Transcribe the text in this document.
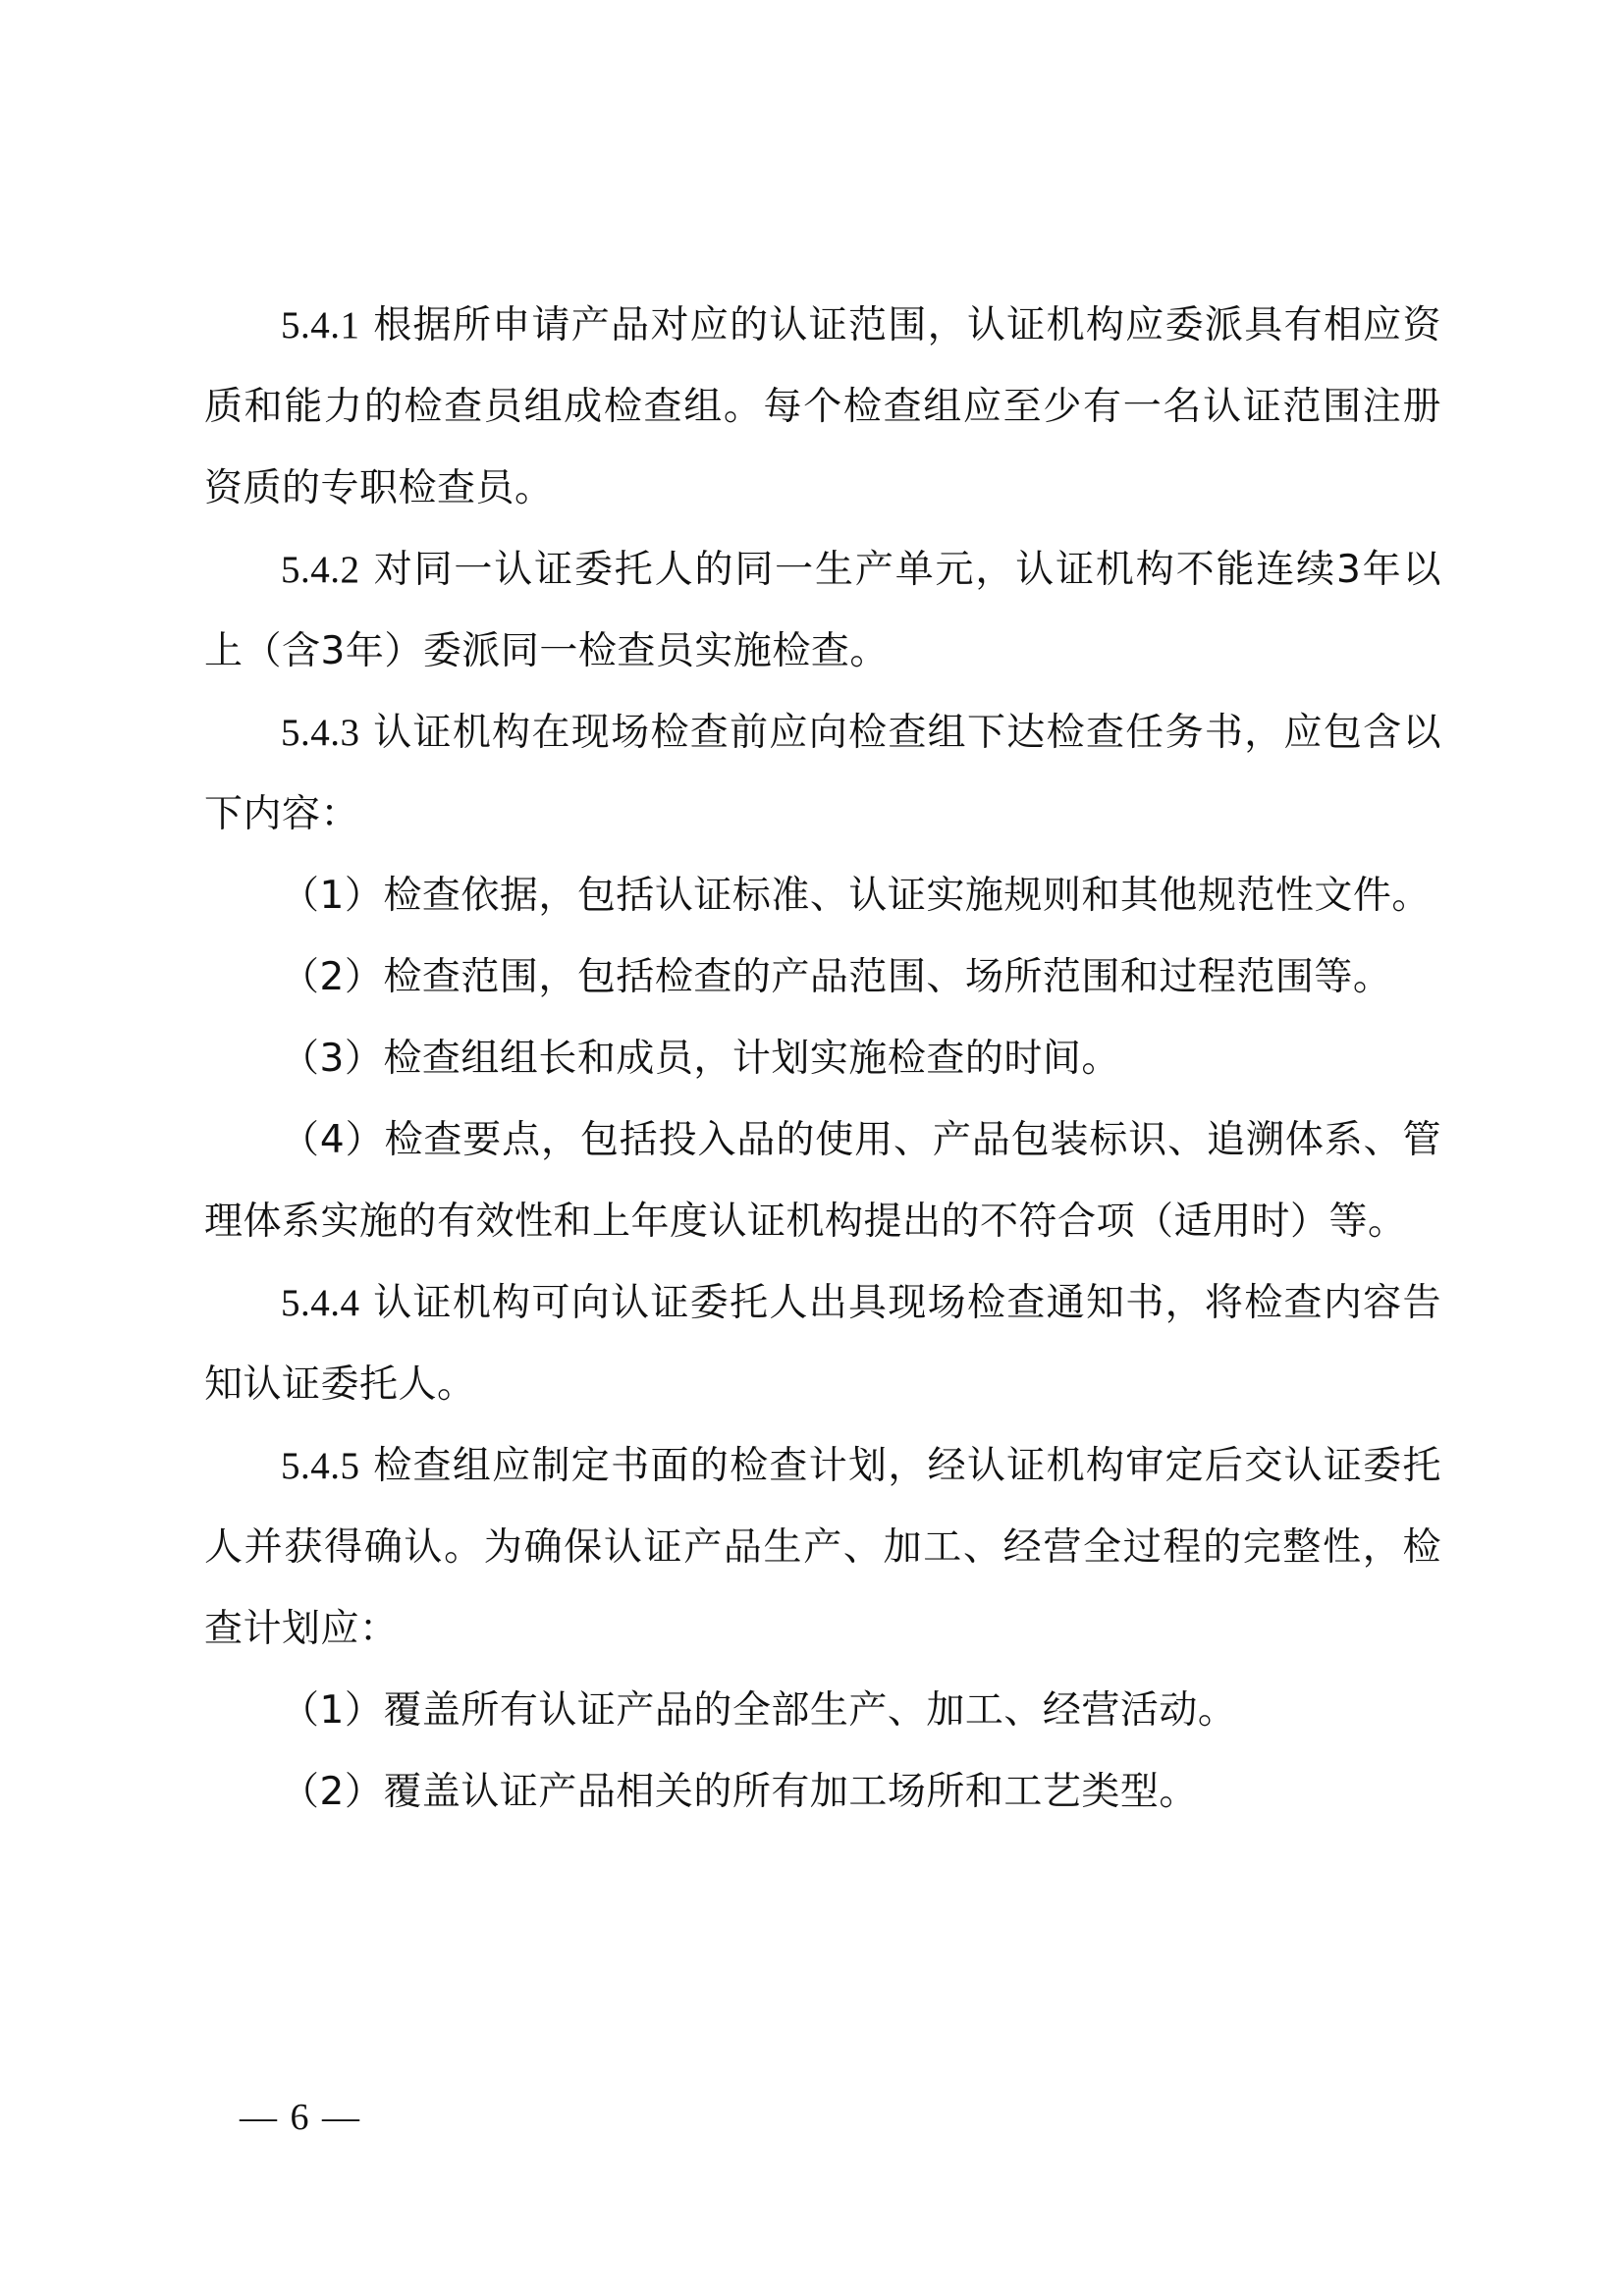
5.4.1 根据所申请产品对应的认证范围，认证机构应委派具有相应资质和能力的检查员组成检查组。每个检查组应至少有一名认证范围注册资质的专职检查员。

5.4.2 对同一认证委托人的同一生产单元，认证机构不能连续3年以上（含3年）委派同一检查员实施检查。

5.4.3 认证机构在现场检查前应向检查组下达检查任务书，应包含以下内容：

（1）检查依据，包括认证标准、认证实施规则和其他规范性文件。

（2）检查范围，包括检查的产品范围、场所范围和过程范围等。

（3）检查组组长和成员，计划实施检查的时间。

（4）检查要点，包括投入品的使用、产品包装标识、追溯体系、管理体系实施的有效性和上年度认证机构提出的不符合项（适用时）等。

5.4.4 认证机构可向认证委托人出具现场检查通知书，将检查内容告知认证委托人。

5.4.5 检查组应制定书面的检查计划，经认证机构审定后交认证委托人并获得确认。为确保认证产品生产、加工、经营全过程的完整性，检查计划应：

（1）覆盖所有认证产品的全部生产、加工、经营活动。

（2）覆盖认证产品相关的所有加工场所和工艺类型。

— 6 —
